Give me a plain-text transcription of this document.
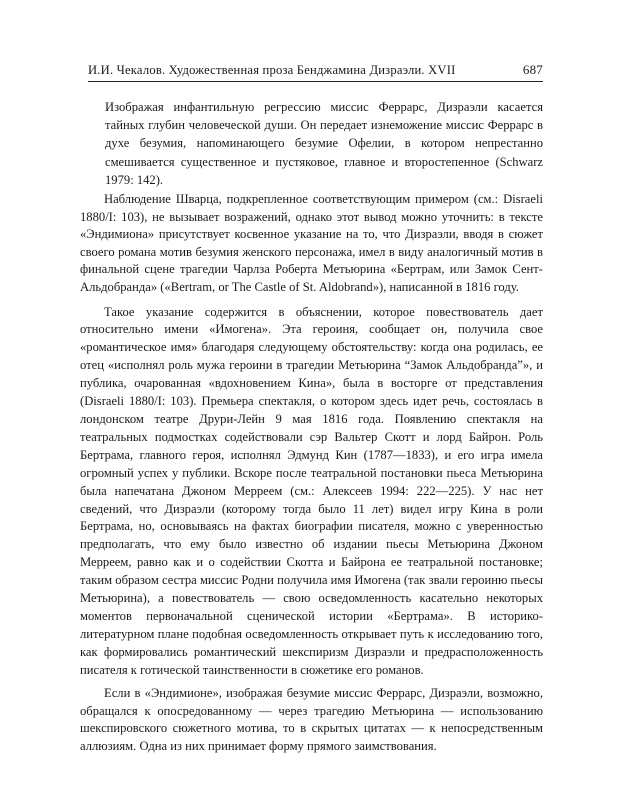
И.И. Чекалов. Художественная проза Бенджамина Дизраэли. XVII	687

Изображая инфантильную регрессию миссис Феррарс, Дизраэли касается тайных глубин человеческой души. Он передает изнеможение миссис Феррарс в духе безумия, напоминающего безумие Офелии, в котором непрестанно смешивается существенное и пустяковое, главное и второстепенное (Schwarz 1979: 142).

Наблюдение Шварца, подкрепленное соответствующим примером (см.: Disraeli 1880/I: 103), не вызывает возражений, однако этот вывод можно уточнить: в тексте «Эндимиона» присутствует косвенное указание на то, что Дизраэли, вводя в сюжет своего романа мотив безумия женского персонажа, имел в виду аналогичный мотив в финальной сцене трагедии Чарлза Роберта Метьюрина «Бертрам, или Замок Сент-Альдобранда» («Bertram, or The Castle of St. Aldobrand»), написанной в 1816 году.

Такое указание содержится в объяснении, которое повествователь дает относительно имени «Имогена». Эта героиня, сообщает он, получила свое «романтическое имя» благодаря следующему обстоятельству: когда она родилась, ее отец «исполнял роль мужа героини в трагедии Метьюрина “Замок Альдобранда”», и публика, очарованная «вдохновением Кина», была в восторге от представления (Disraeli 1880/I: 103). Премьера спектакля, о котором здесь идет речь, состоялась в лондонском театре Друри-Лейн 9 мая 1816 года. Появлению спектакля на театральных подмостках содействовали сэр Вальтер Скотт и лорд Байрон. Роль Бертрама, главного героя, исполнял Эдмунд Кин (1787—1833), и его игра имела огромный успех у публики. Вскоре после театральной постановки пьеса Метьюрина была напечатана Джоном Мерреем (см.: Алексеев 1994: 222—225). У нас нет сведений, что Дизраэли (которому тогда было 11 лет) видел игру Кина в роли Бертрама, но, основываясь на фактах биографии писателя, можно с уверенностью предполагать, что ему было известно об издании пьесы Метьюрина Джоном Мерреем, равно как и о содействии Скотта и Байрона ее театральной постановке; таким образом сестра миссис Родни получила имя Имогена (так звали героиню пьесы Метьюрина), а повествователь — свою осведомленность касательно некоторых моментов первоначальной сценической истории «Бертрама». В историко-литературном плане подобная осведомленность открывает путь к исследованию того, как формировались романтический шекспиризм Дизраэли и предрасположенность писателя к готической таинственности в сюжетике его романов.

Если в «Эндимионе», изображая безумие миссис Феррарс, Дизраэли, возможно, обращался к опосредованному — через трагедию Метьюрина — использованию шекспировского сюжетного мотива, то в скрытых цитатах — к непосредственным аллюзиям. Одна из них принимает форму прямого заимствования.
